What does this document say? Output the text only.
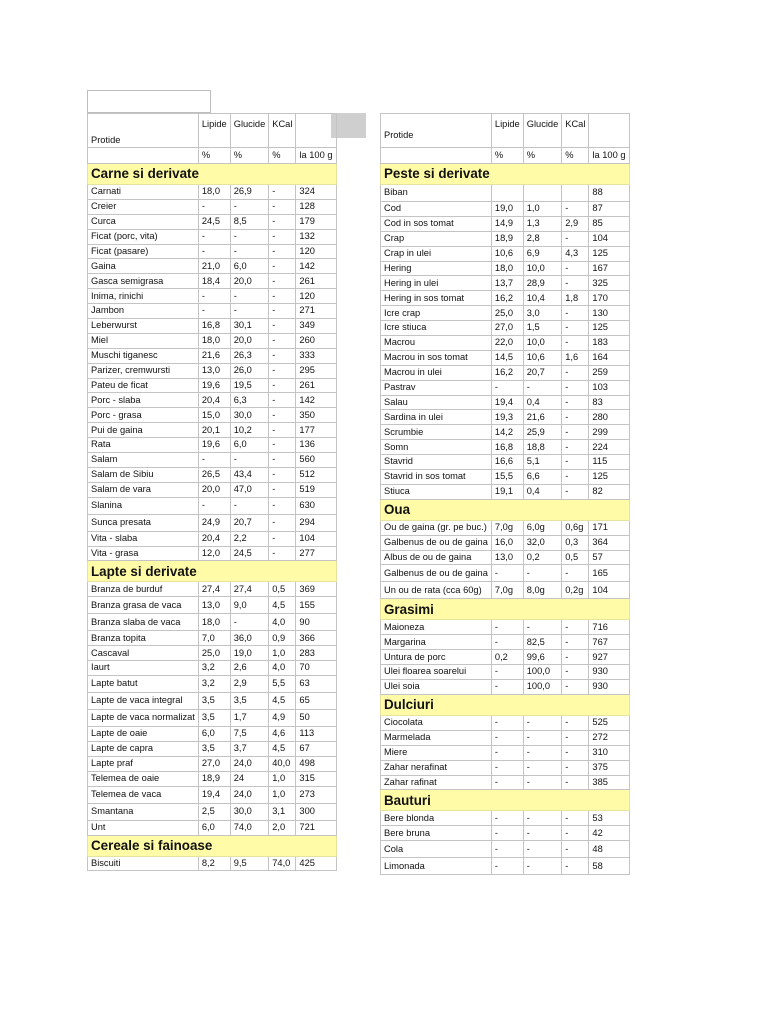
Protide	Lipide	Glucide	KCal	
	%	%	%	la 100 g
Carne si derivate				
Carnati	18,0	26,9	-	324
Creier	-	-	-	128
Curca	24,5	8,5	-	179
Ficat (porc, vita)	-	-	-	132
Ficat (pasare)	-	-	-	120
Gaina	21,0	6,0	-	142
Gasca semigrasa	18,4	20,0	-	261
Inima, rinichi	-	-	-	120
Jambon	-	-	-	271
Leberwurst	16,8	30,1	-	349
Miel	18,0	20,0	-	260
Muschi tiganesc	21,6	26,3	-	333
Parizer, cremwursti	13,0	26,0	-	295
Pateu de ficat	19,6	19,5	-	261
Porc - slaba	20,4	6,3	-	142
Porc - grasa	15,0	30,0	-	350
Pui de gaina	20,1	10,2	-	177
Rata	19,6	6,0	-	136
Salam	-	-	-	560
Salam de Sibiu	26,5	43,4	-	512
Salam de vara	20,0	47,0	-	519
Slanina	-	-	-	630
Sunca presata	24,9	20,7	-	294
Vita - slaba	20,4	2,2	-	104
Vita - grasa	12,0	24,5	-	277
Lapte si derivate				
Branza de burduf	27,4	27,4	0,5	369
Branza grasa de vaca	13,0	9,0	4,5	155
Branza slaba de vaca	18,0	-	4,0	90
Branza topita	7,0	36,0	0,9	366
Cascaval	25,0	19,0	1,0	283
Iaurt	3,2	2,6	4,0	70
Lapte batut	3,2	2,9	5,5	63
Lapte de vaca integral	3,5	3,5	4,5	65
Lapte de vaca normalizat	3,5	1,7	4,9	50
Lapte de oaie	6,0	7,5	4,6	113
Lapte de capra	3,5	3,7	4,5	67
Lapte praf	27,0	24,0	40,0	498
Telemea de oaie	18,9	24	1,0	315
Telemea de vaca	19,4	24,0	1,0	273
Smantana	2,5	30,0	3,1	300
Unt	6,0	74,0	2,0	721
Cereale si fainoase				
Biscuiti	8,2	9,5	74,0	425
Protide	Lipide	Glucide	KCal	
	%	%	%	la 100 g
Peste si derivate				
Biban				88
Cod	19,0	1,0	-	87
Cod in sos tomat	14,9	1,3	2,9	85
Crap	18,9	2,8	-	104
Crap in ulei	10,6	6,9	4,3	125
Hering	18,0	10,0	-	167
Hering in ulei	13,7	28,9	-	325
Hering in sos tomat	16,2	10,4	1,8	170
Icre crap	25,0	3,0	-	130
Icre stiuca	27,0	1,5	-	125
Macrou	22,0	10,0	-	183
Macrou in sos tomat	14,5	10,6	1,6	164
Macrou in ulei	16,2	20,7	-	259
Pastrav	-	-	-	103
Salau	19,4	0,4	-	83
Sardina in ulei	19,3	21,6	-	280
Scrumbie	14,2	25,9	-	299
Somn	16,8	18,8	-	224
Stavrid	16,6	5,1	-	115
Stavrid in sos tomat	15,5	6,6	-	125
Stiuca	19,1	0,4	-	82
Oua				
Ou de gaina (gr. pe buc.)	7,0g	6,0g	0,6g	171
Galbenus de ou de gaina	16,0	32,0	0,3	364
Albus de ou de gaina	13,0	0,2	0,5	57
Galbenus de ou de gaina	-	-	-	165
Un ou de rata (cca 60g)	7,0g	8,0g	0,2g	104
Grasimi				
Maioneza	-	-	-	716
Margarina	-	82,5	-	767
Untura de porc	0,2	99,6	-	927
Ulei floarea soarelui	-	100,0	-	930
Ulei soia	-	100,0	-	930
Dulciuri				
Ciocolata	-	-	-	525
Marmelada	-	-	-	272
Miere	-	-	-	310
Zahar nerafinat	-	-	-	375
Zahar rafinat	-	-	-	385
Bauturi				
Bere blonda	-	-	-	53
Bere bruna	-	-	-	42
Cola	-	-	-	48
Limonada	-	-	-	58
